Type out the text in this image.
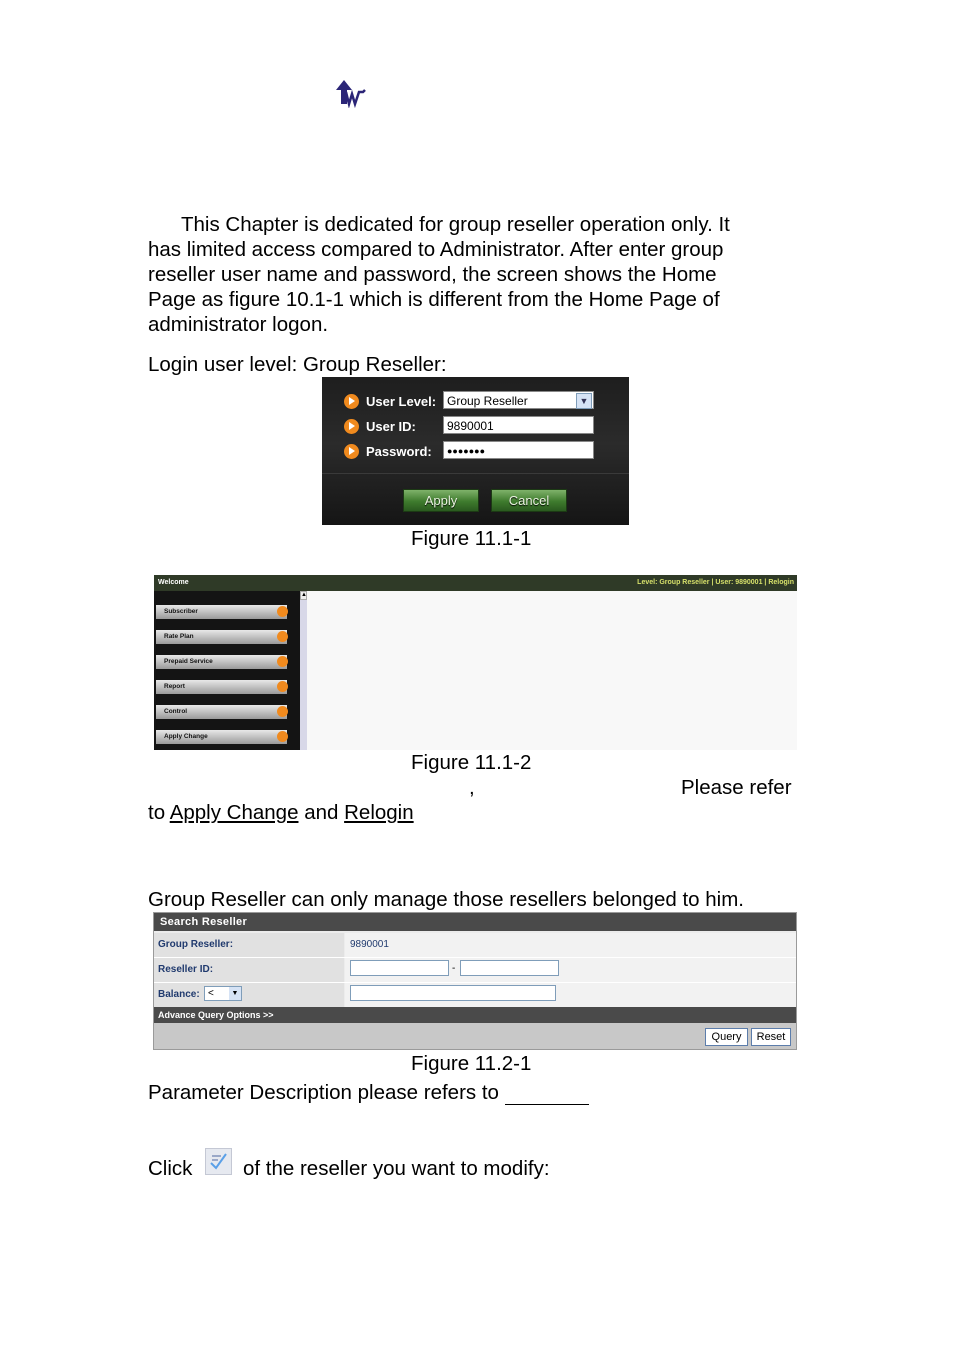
This Chapter is dedicated for group reseller operation only. It
has limited access compared to Administrator. After enter group
reseller user name and password, the screen shows the Home
Page as figure 10.1-1 which is different from the Home Page of
administrator logon.
Login user level: Group Reseller:
User Level: Group Reseller	▼
User ID:	9890001
Password:	●●●●●●●
Apply	Cancel
Figure 11.1-1
Welcome	Level: Group Reseller | User: 9890001 | Relogin
Subscriber
Rate Plan
Prepaid Service
Report
Control
Apply Change
▲
Figure 11.1-2
,	Please refer
to Apply Change and Relogin
Group Reseller can only manage those resellers belonged to him.
Search Reseller
Group Reseller:	9890001
Reseller ID:	-
Balance: <	▼
Advance Query Options >>
Query	Reset
Figure 11.2-1
Parameter Description please refers to
Click of the reseller you want to modify:
